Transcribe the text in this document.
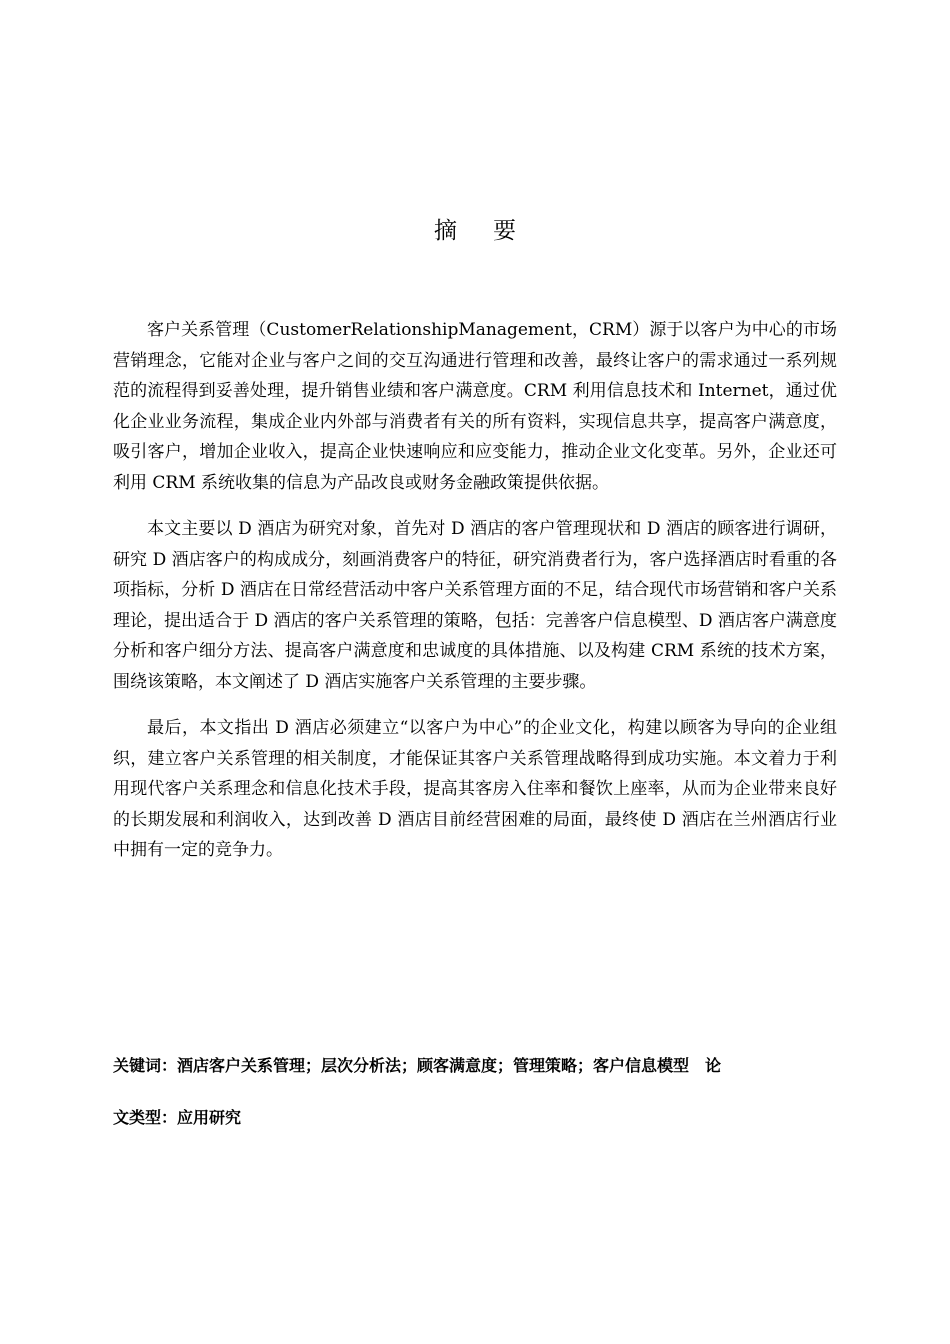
摘 要

客户关系管理（CustomerRelationshipManagement，CRM）源于以客户为中心的市场营销理念，它能对企业与客户之间的交互沟通进行管理和改善，最终让客户的需求通过一系列规范的流程得到妥善处理，提升销售业绩和客户满意度。CRM 利用信息技术和 Internet，通过优化企业业务流程，集成企业内外部与消费者有关的所有资料，实现信息共享，提高客户满意度，吸引客户，增加企业收入，提高企业快速响应和应变能力，推动企业文化变革。另外，企业还可利用 CRM 系统收集的信息为产品改良或财务金融政策提供依据。

本文主要以 D 酒店为研究对象，首先对 D 酒店的客户管理现状和 D 酒店的顾客进行调研，研究 D 酒店客户的构成成分，刻画消费客户的特征，研究消费者行为，客户选择酒店时看重的各项指标，分析 D 酒店在日常经营活动中客户关系管理方面的不足，结合现代市场营销和客户关系理论，提出适合于 D 酒店的客户关系管理的策略，包括：完善客户信息模型、D 酒店客户满意度分析和客户细分方法、提高客户满意度和忠诚度的具体措施、以及构建 CRM 系统的技术方案，围绕该策略，本文阐述了 D 酒店实施客户关系管理的主要步骤。

最后，本文指出 D 酒店必须建立“以客户为中心”的企业文化，构建以顾客为导向的企业组织，建立客户关系管理的相关制度，才能保证其客户关系管理战略得到成功实施。本文着力于利用现代客户关系理念和信息化技术手段，提高其客房入住率和餐饮上座率，从而为企业带来良好的长期发展和利润收入，达到改善 D 酒店目前经营困难的局面，最终使 D 酒店在兰州酒店行业中拥有一定的竞争力。

关键词：酒店客户关系管理；层次分析法；顾客满意度；管理策略；客户信息模型　论
文类型：应用研究
